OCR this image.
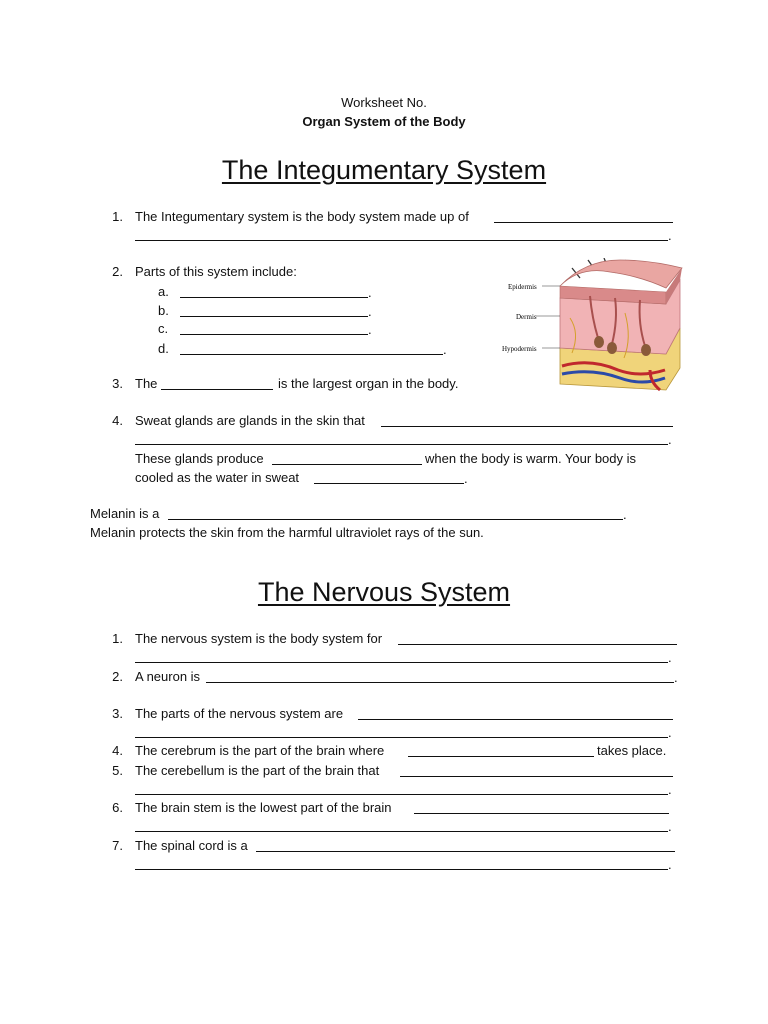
Worksheet No.
Organ System of the Body
The Integumentary System
1. The Integumentary system is the body system made up of
.
2. Parts of this system include:
a.	.
b.	.
c.	.
d.	.
Epidermis
Dermis
Hypodermis
3. The	is the largest organ in the body.
4. Sweat glands are glands in the skin that
.
These glands produce	when the body is warm. Your body is
cooled as the water in sweat	.
Melanin is a	.
Melanin protects the skin from the harmful ultraviolet rays of the sun.
The Nervous System
1. The nervous system is the body system for
.
2. A neuron is	.
3. The parts of the nervous system are
.
4. The cerebrum is the part of the brain where	takes place.
5. The cerebellum is the part of the brain that
.
6. The brain stem is the lowest part of the brain
.
7. The spinal cord is a
.
